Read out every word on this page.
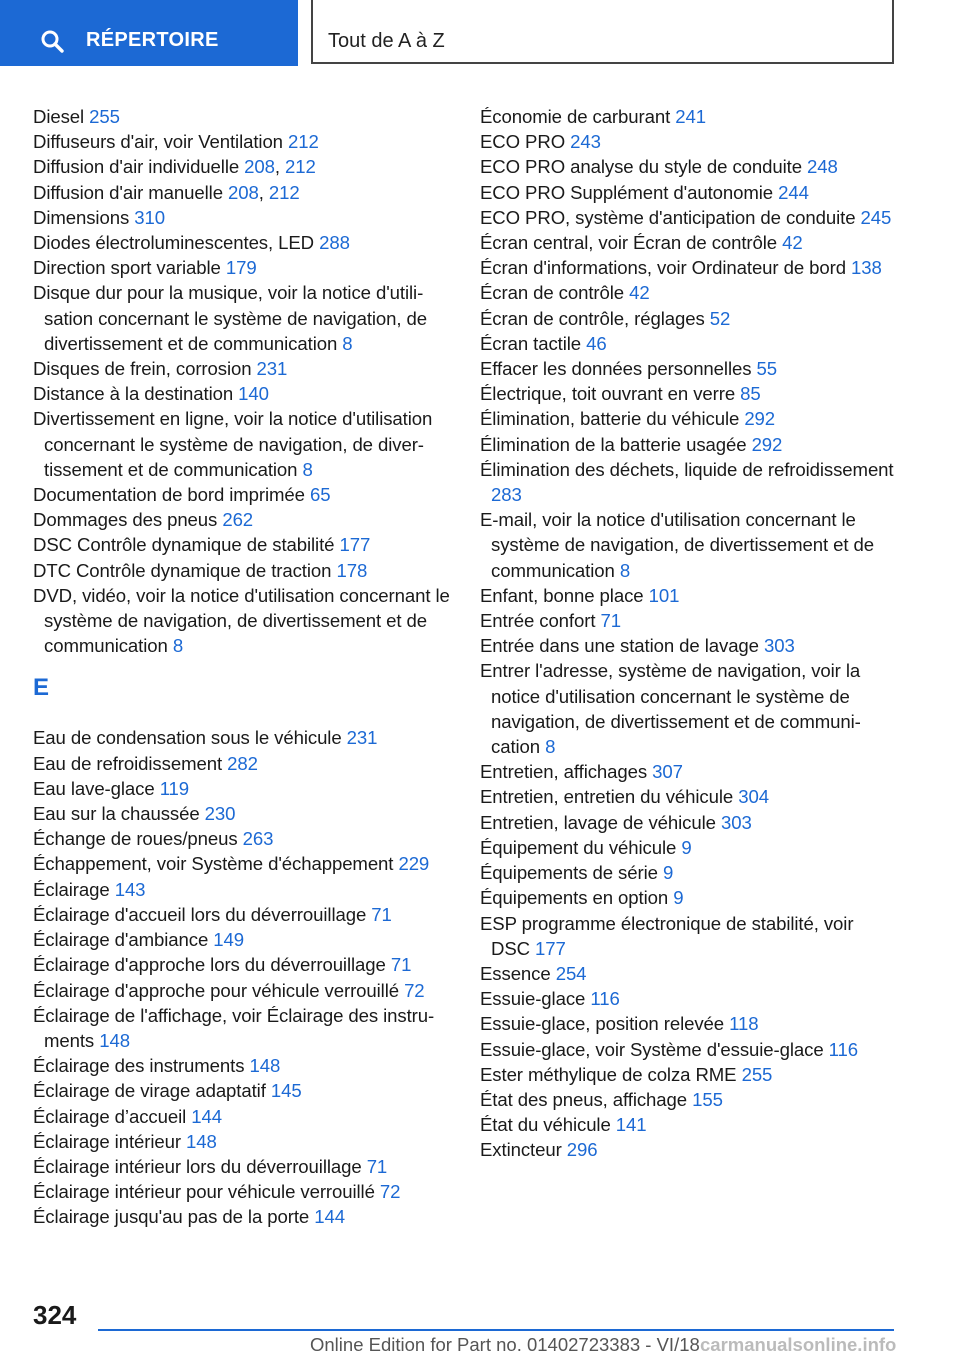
RÉPERTOIRE	Tout de A à Z
Diesel 255
Diffuseurs d'air, voir Ventilation 212
Diffusion d'air individuelle 208, 212
Diffusion d'air manuelle 208, 212
Dimensions 310
Diodes électroluminescentes, LED 288
Direction sport variable 179
Disque dur pour la musique, voir la notice d'utilisation concernant le système de navigation, de divertissement et de communication 8
Disques de frein, corrosion 231
Distance à la destination 140
Divertissement en ligne, voir la notice d'utilisation concernant le système de navigation, de divertissement et de communication 8
Documentation de bord imprimée 65
Dommages des pneus 262
DSC Contrôle dynamique de stabilité 177
DTC Contrôle dynamique de traction 178
DVD, vidéo, voir la notice d'utilisation concernant le système de navigation, de divertissement et de communication 8
E
Eau de condensation sous le véhicule 231
Eau de refroidissement 282
Eau lave-glace 119
Eau sur la chaussée 230
Échange de roues/pneus 263
Échappement, voir Système d'échappement 229
Éclairage 143
Éclairage d'accueil lors du déverrouillage 71
Éclairage d'ambiance 149
Éclairage d'approche lors du déverrouillage 71
Éclairage d'approche pour véhicule verrouillé 72
Éclairage de l'affichage, voir Éclairage des instruments 148
Éclairage des instruments 148
Éclairage de virage adaptatif 145
Éclairage d’accueil 144
Éclairage intérieur 148
Éclairage intérieur lors du déverrouillage 71
Éclairage intérieur pour véhicule verrouillé 72
Éclairage jusqu'au pas de la porte 144
Économie de carburant 241
ECO PRO 243
ECO PRO analyse du style de conduite 248
ECO PRO Supplément d'autonomie 244
ECO PRO, système d'anticipation de conduite 245
Écran central, voir Écran de contrôle 42
Écran d'informations, voir Ordinateur de bord 138
Écran de contrôle 42
Écran de contrôle, réglages 52
Écran tactile 46
Effacer les données personnelles 55
Électrique, toit ouvrant en verre 85
Élimination, batterie du véhicule 292
Élimination de la batterie usagée 292
Élimination des déchets, liquide de refroidissement 283
E-mail, voir la notice d'utilisation concernant le système de navigation, de divertissement et de communication 8
Enfant, bonne place 101
Entrée confort 71
Entrée dans une station de lavage 303
Entrer l'adresse, système de navigation, voir la notice d'utilisation concernant le système de navigation, de divertissement et de communication 8
Entretien, affichages 307
Entretien, entretien du véhicule 304
Entretien, lavage de véhicule 303
Équipement du véhicule 9
Équipements de série 9
Équipements en option 9
ESP programme électronique de stabilité, voir DSC 177
Essence 254
Essuie-glace 116
Essuie-glace, position relevée 118
Essuie-glace, voir Système d'essuie-glace 116
Ester méthylique de colza RME 255
État des pneus, affichage 155
État du véhicule 141
Extincteur 296
324
Online Edition for Part no. 01402723383 - VI/18 carmanualsonline.info
